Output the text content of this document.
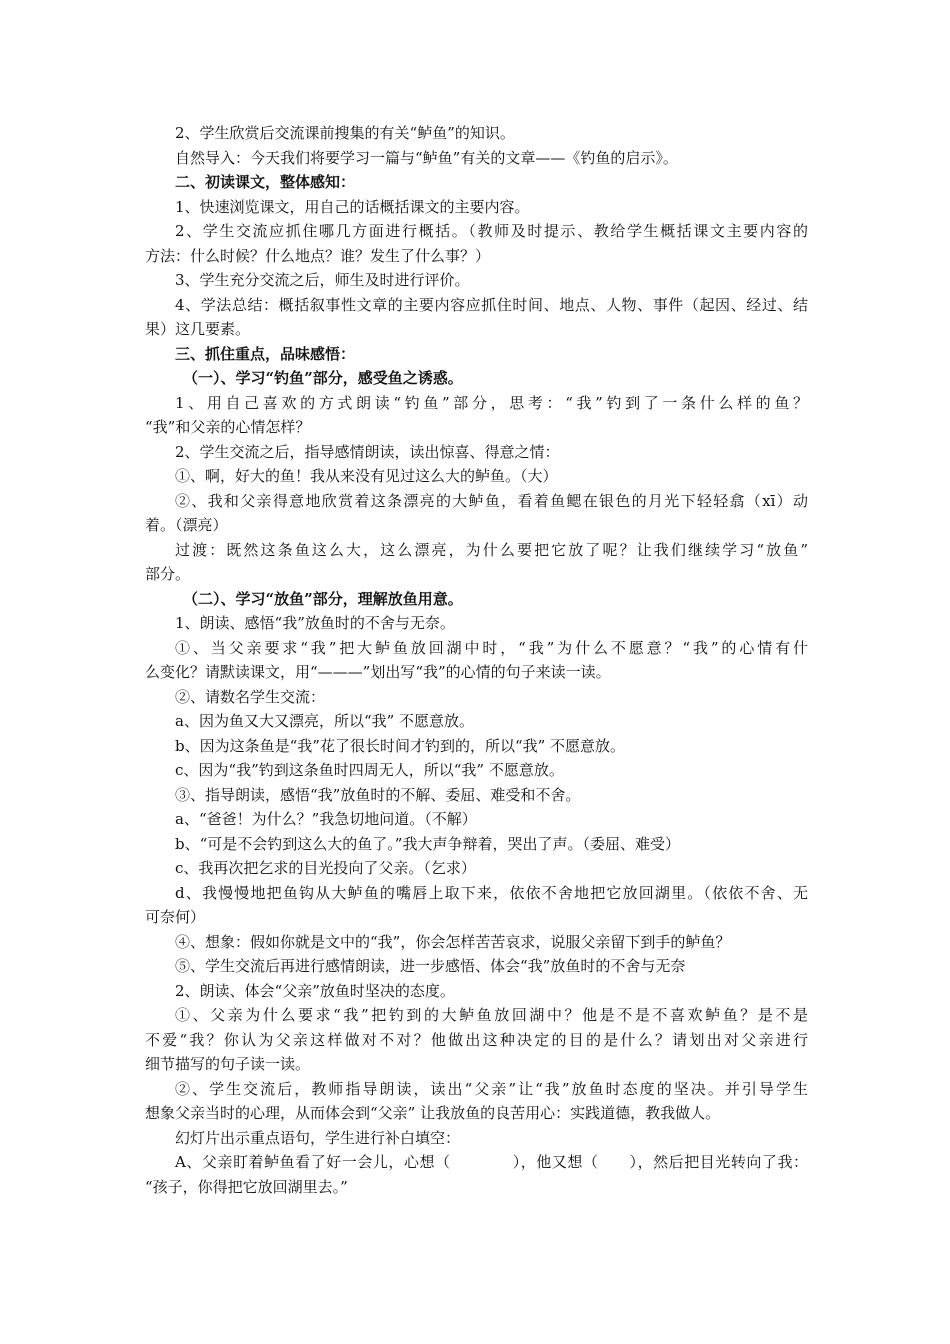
2、学生欣赏后交流课前搜集的有关“鲈鱼”的知识。
自然导入：今天我们将要学习一篇与“鲈鱼”有关的文章——《钓鱼的启示》。
二、初读课文，整体感知：
1、快速浏览课文，用自己的话概括课文的主要内容。
2、学生交流应抓住哪几方面进行概括。（教师及时提示、教给学生概括课文主要内容的
方法：什么时候？什么地点？谁？发生了什么事？）
3、学生充分交流之后，师生及时进行评价。
4、学法总结：概括叙事性文章的主要内容应抓住时间、地点、人物、事件（起因、经过、结
果）这几要素。
三、抓住重点，品味感悟：
（一）、学习“钓鱼”部分，感受鱼之诱惑。
1、用自己喜欢的方式朗读“钓鱼”部分，思考：“我”钓到了一条什么样的鱼？
“我”和父亲的心情怎样？
2、学生交流之后，指导感情朗读，读出惊喜、得意之情：
①、啊，好大的鱼！我从来没有见过这么大的鲈鱼。（大）
②、我和父亲得意地欣赏着这条漂亮的大鲈鱼，看着鱼鳃在银色的月光下轻轻翕（xī）动
着。（漂亮）
过渡：既然这条鱼这么大，这么漂亮，为什么要把它放了呢？让我们继续学习“放鱼”
部分。
（二）、学习“放鱼”部分，理解放鱼用意。
1、朗读、感悟“我”放鱼时的不舍与无奈。
①、当父亲要求“我”把大鲈鱼放回湖中时，“我”为什么不愿意？“我”的心情有什
么变化？请默读课文，用“———”划出写“我”的心情的句子来读一读。
②、请数名学生交流：
a、因为鱼又大又漂亮，所以“我” 不愿意放。
b、因为这条鱼是“我”花了很长时间才钓到的，所以“我” 不愿意放。
c、因为“我”钓到这条鱼时四周无人，所以“我” 不愿意放。
③、指导朗读，感悟“我”放鱼时的不解、委屈、难受和不舍。
a、“爸爸！为什么？”我急切地问道。（不解）
b、“可是不会钓到这么大的鱼了。”我大声争辩着，哭出了声。（委屈、难受）
c、我再次把乞求的目光投向了父亲。（乞求）
d、我慢慢地把鱼钩从大鲈鱼的嘴唇上取下来，依依不舍地把它放回湖里。（依依不舍、无
可奈何）
④、想象：假如你就是文中的“我”，你会怎样苦苦哀求，说服父亲留下到手的鲈鱼？
⑤、学生交流后再进行感情朗读，进一步感悟、体会“我”放鱼时的不舍与无奈
2、朗读、体会“父亲”放鱼时坚决的态度。
①、父亲为什么要求“我”把钓到的大鲈鱼放回湖中？他是不是不喜欢鲈鱼？是不是
不爱“我？你认为父亲这样做对不对？他做出这种决定的目的是什么？请划出对父亲进行
细节描写的句子读一读。
②、学生交流后，教师指导朗读，读出“父亲”让“我”放鱼时态度的坚决。并引导学生
想象父亲当时的心理，从而体会到“父亲” 让我放鱼的良苦用心：实践道德，教我做人。
幻灯片出示重点语句，学生进行补白填空：
A、父亲盯着鲈鱼看了好一会儿，心想（　　　　），他又想（　　），然后把目光转向了我：
“孩子，你得把它放回湖里去。”
